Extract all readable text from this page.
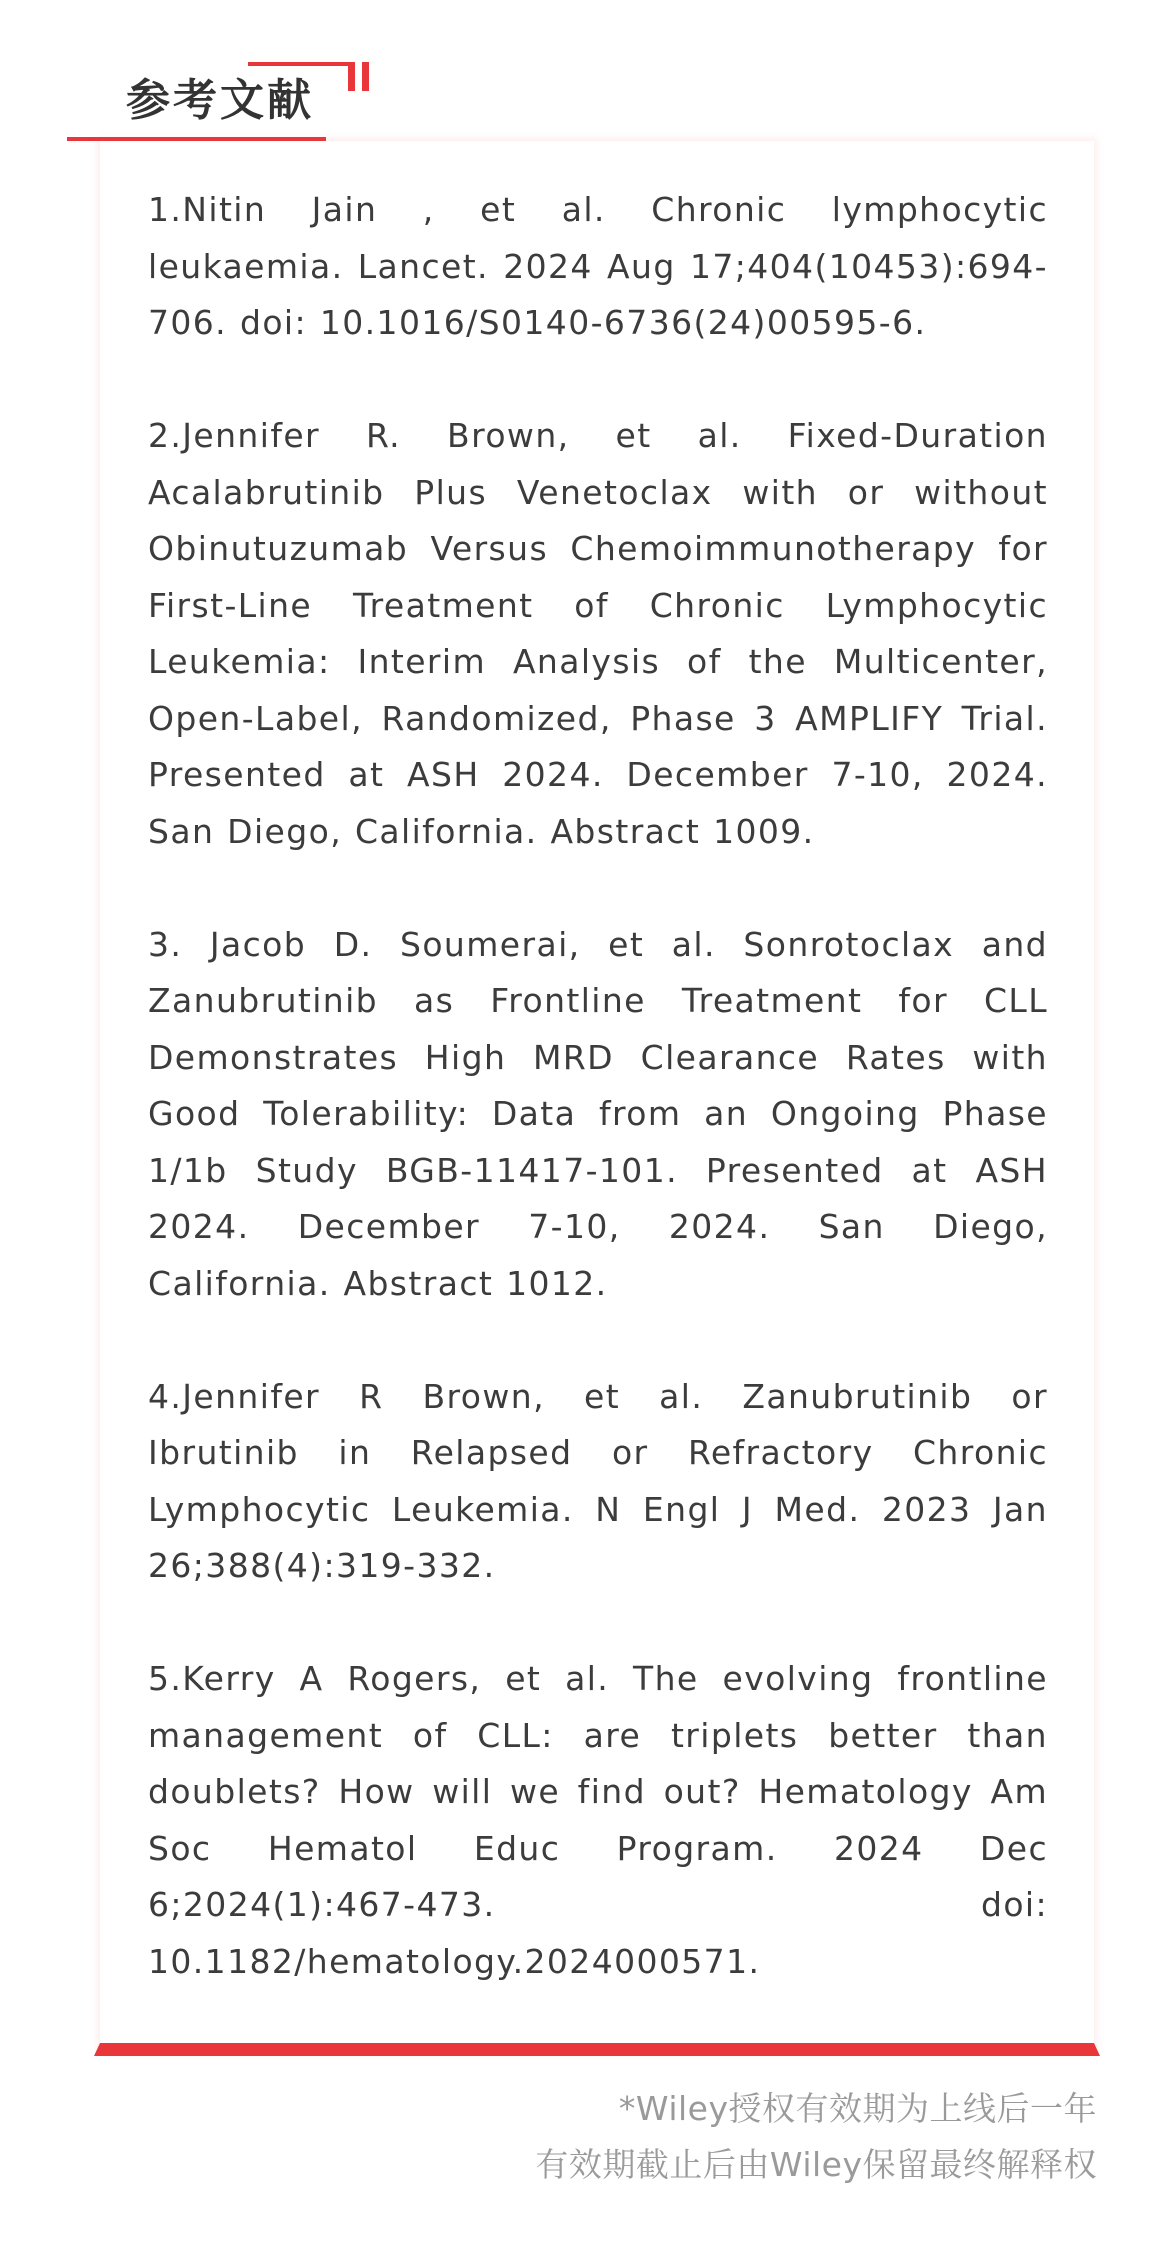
参考文献
1.Nitin Jain , et al. Chronic lymphocytic leukaemia. Lancet. 2024 Aug 17;404(10453):694-706. doi: 10.1016/S0140-6736(24)00595-6.
2.Jennifer R. Brown, et al. Fixed-Duration Acalabrutinib Plus Venetoclax with or without Obinutuzumab Versus Chemoimmunotherapy for First-Line Treatment of Chronic Lymphocytic Leukemia: Interim Analysis of the Multicenter, Open-Label, Randomized, Phase 3 AMPLIFY Trial. Presented at ASH 2024. December 7-10, 2024. San Diego, California. Abstract 1009.
3. Jacob D. Soumerai, et al. Sonrotoclax and Zanubrutinib as Frontline Treatment for CLL Demonstrates High MRD Clearance Rates with Good Tolerability: Data from an Ongoing Phase 1/1b Study BGB-11417-101. Presented at ASH 2024. December 7-10, 2024. San Diego, California. Abstract 1012.
4.Jennifer R Brown, et al. Zanubrutinib or Ibrutinib in Relapsed or Refractory Chronic Lymphocytic Leukemia. N Engl J Med. 2023 Jan 26;388(4):319-332.
5.Kerry A Rogers, et al. The evolving frontline management of CLL: are triplets better than doublets? How will we find out? Hematology Am Soc Hematol Educ Program. 2024 Dec 6;2024(1):467-473. doi: 10.1182/hematology.2024000571.
*Wiley授权有效期为上线后一年
有效期截止后由Wiley保留最终解释权
